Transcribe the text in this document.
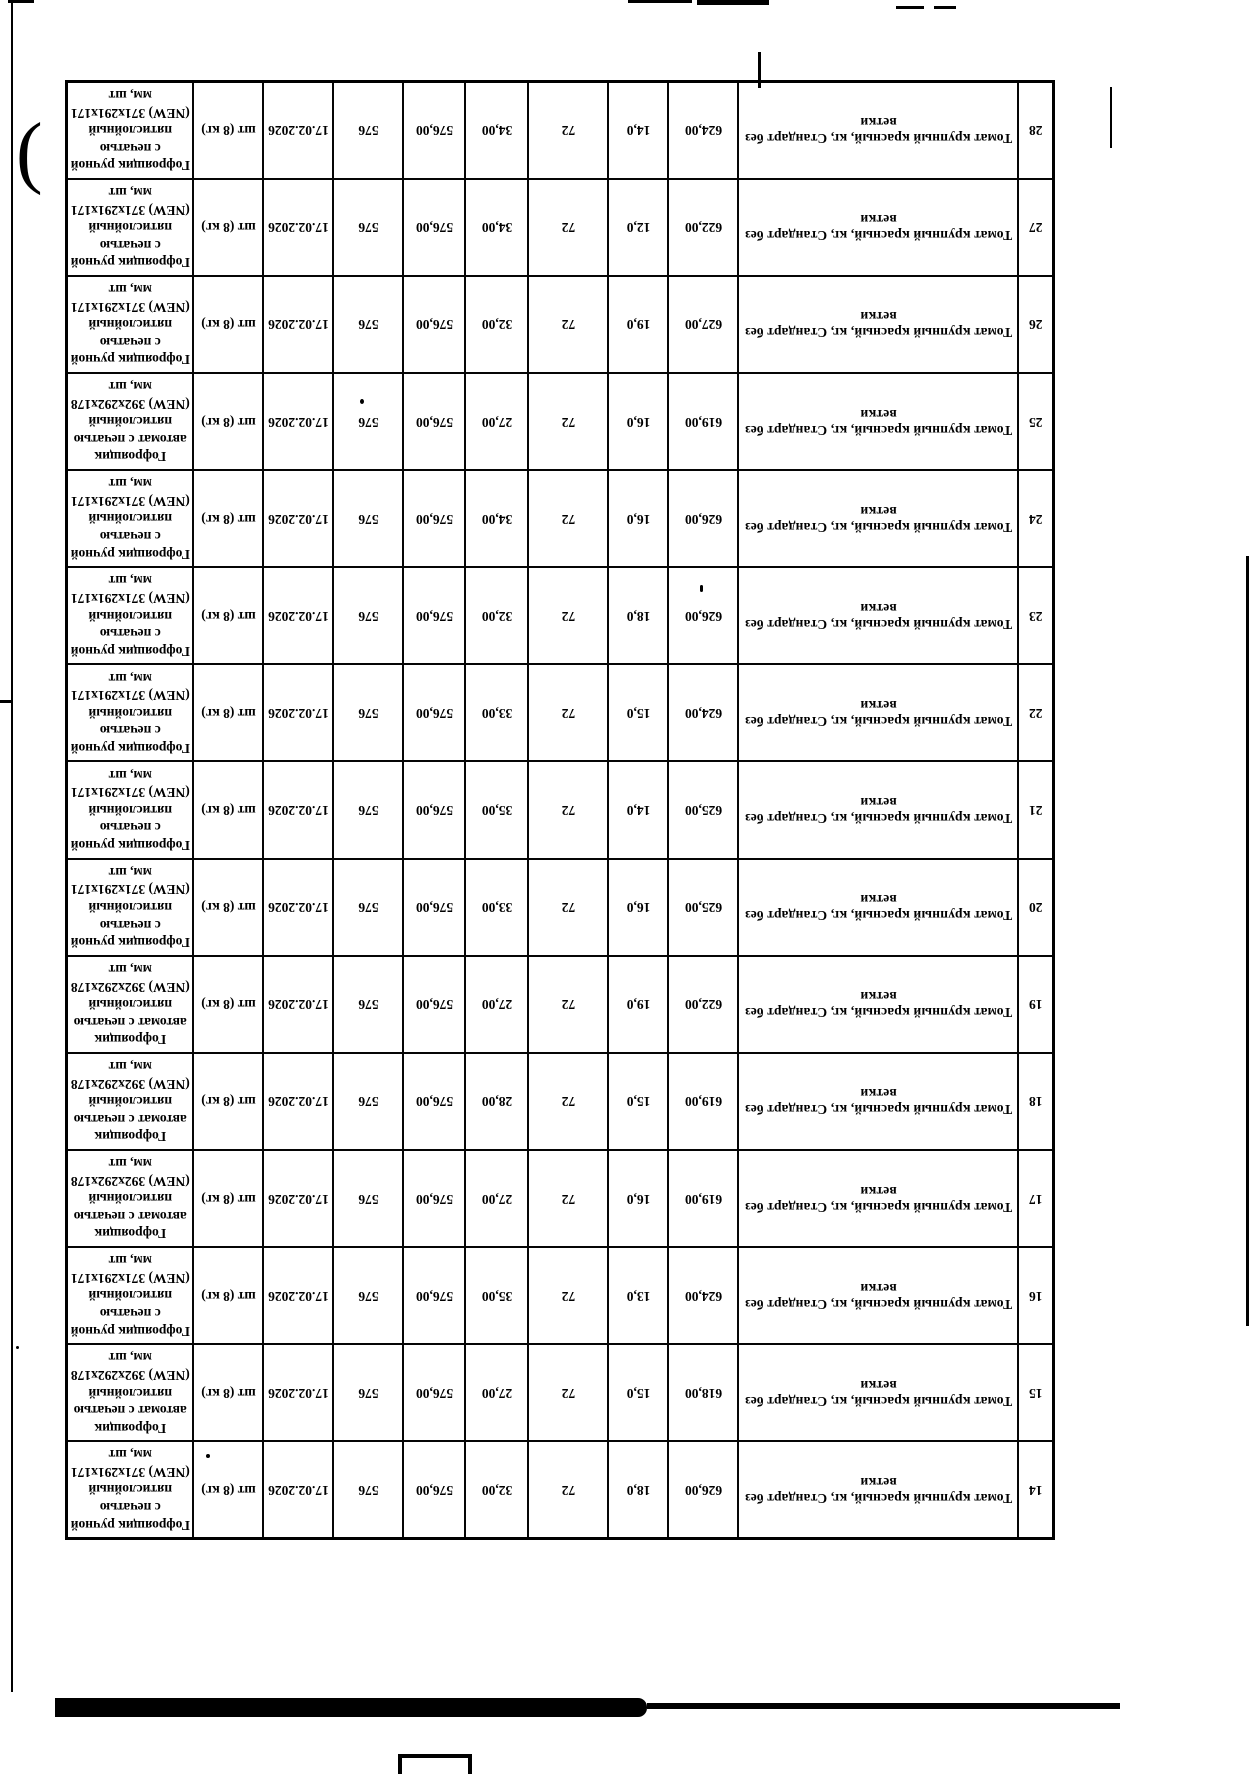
14	Томат крупный красный, кг, Стандарт без ветки	626,00	18,0	72	32,00	576,00	576	17.02.2026	шт (8 кг)	Гофроящик ручной с печатью пятислойный (NEW) 371х291х171 мм, шт
15	Томат крупный красный, кг, Стандарт без ветки	618,00	15,0	72	27,00	576,00	576	17.02.2026	шт (8 кг)	Гофроящик автомат с печатью пятислойный (NEW) 392х292х178 мм, шт
16	Томат крупный красный, кг, Стандарт без ветки	624,00	13,0	72	35,00	576,00	576	17.02.2026	шт (8 кг)	Гофроящик ручной с печатью пятислойный (NEW) 371х291х171 мм, шт
17	Томат крупный красный, кг, Стандарт без ветки	619,00	16,0	72	27,00	576,00	576	17.02.2026	шт (8 кг)	Гофроящик автомат с печатью пятислойный (NEW) 392х292х178 мм, шт
18	Томат крупный красный, кг, Стандарт без ветки	619,00	15,0	72	28,00	576,00	576	17.02.2026	шт (8 кг)	Гофроящик автомат с печатью пятислойный (NEW) 392х292х178 мм, шт
19	Томат крупный красный, кг, Стандарт без ветки	622,00	19,0	72	27,00	576,00	576	17.02.2026	шт (8 кг)	Гофроящик автомат с печатью пятислойный (NEW) 392х292х178 мм, шт
20	Томат крупный красный, кг, Стандарт без ветки	625,00	16,0	72	33,00	576,00	576	17.02.2026	шт (8 кг)	Гофроящик ручной с печатью пятислойный (NEW) 371х291х171 мм, шт
21	Томат крупный красный, кг, Стандарт без ветки	625,00	14,0	72	35,00	576,00	576	17.02.2026	шт (8 кг)	Гофроящик ручной с печатью пятислойный (NEW) 371х291х171 мм, шт
22	Томат крупный красный, кг, Стандарт без ветки	624,00	15,0	72	33,00	576,00	576	17.02.2026	шт (8 кг)	Гофроящик ручной с печатью пятислойный (NEW) 371х291х171 мм, шт
23	Томат крупный красный, кг, Стандарт без ветки	626,00	18,0	72	32,00	576,00	576	17.02.2026	шт (8 кг)	Гофроящик ручной с печатью пятислойный (NEW) 371х291х171 мм, шт
24	Томат крупный красный, кг, Стандарт без ветки	626,00	16,0	72	34,00	576,00	576	17.02.2026	шт (8 кг)	Гофроящик ручной с печатью пятислойный (NEW) 371х291х171 мм, шт
25	Томат крупный красный, кг, Стандарт без ветки	619,00	16,0	72	27,00	576,00	576	17.02.2026	шт (8 кг)	Гофроящик автомат с печатью пятислойный (NEW) 392х292х178 мм, шт
26	Томат крупный красный, кг, Стандарт без ветки	627,00	19,0	72	32,00	576,00	576	17.02.2026	шт (8 кг)	Гофроящик ручной с печатью пятислойный (NEW) 371х291х171 мм, шт
27	Томат крупный красный, кг, Стандарт без ветки	622,00	12,0	72	34,00	576,00	576	17.02.2026	шт (8 кг)	Гофроящик ручной с печатью пятислойный (NEW) 371х291х171 мм, шт
28	Томат крупный красный, кг, Стандарт без ветки	624,00	14,0	72	34,00	576,00	576	17.02.2026	шт (8 кг)	Гофроящик ручной с печатью пятислойный (NEW) 371х291х171 мм, шт
(
